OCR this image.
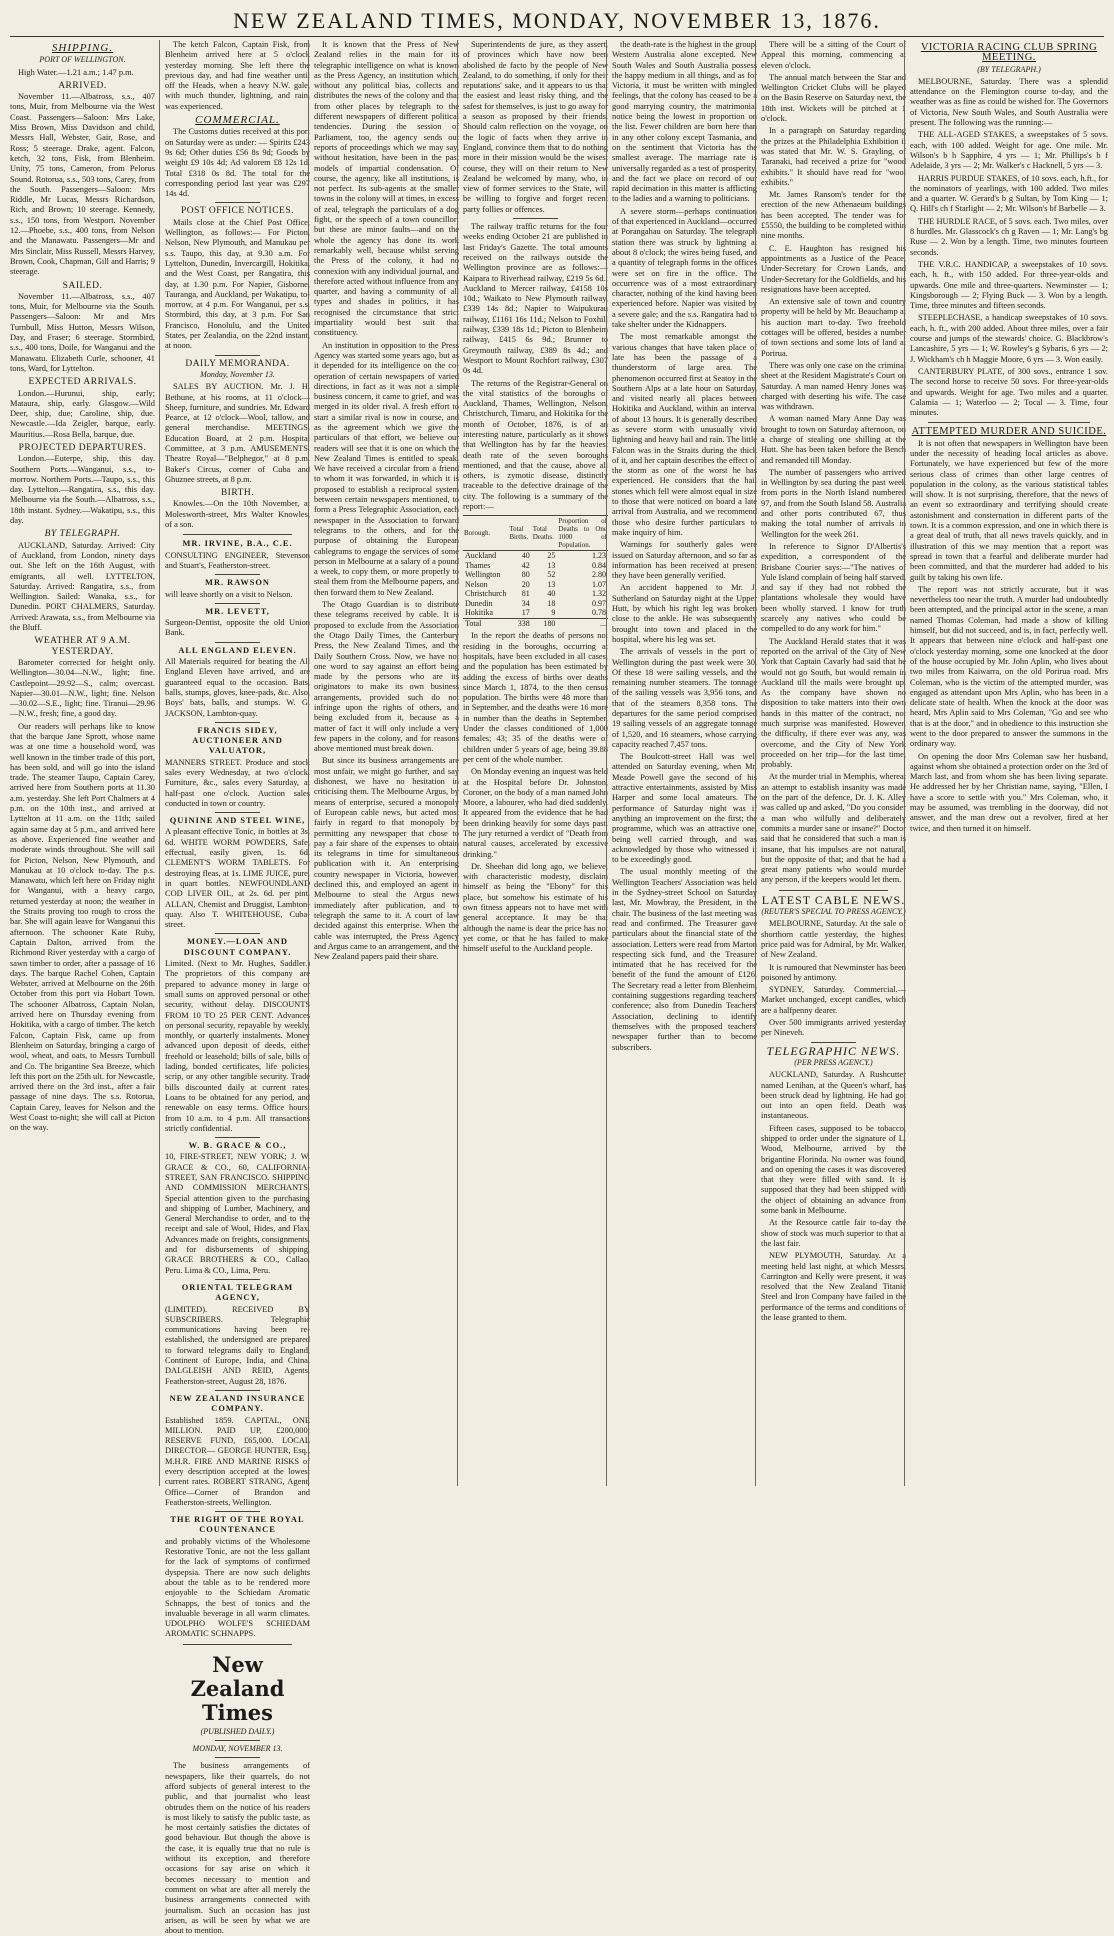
NEW ZEALAND TIMES, MONDAY, NOVEMBER 13, 1876.
SHIPPING.
PORT OF WELLINGTON.

High Water.—1.21 a.m.; 1.47 p.m.

ARRIVED.

November 11.—Albatross, s.s., 407 tons, Muir, from Melbourne via the West Coast. Passengers—Saloon: Mrs Lake, Miss Brown, Miss Davidson and child, Messrs Hall, Webster, Gair, Rose, and Ross; 5 steerage. Drake, agent. Falcon, ketch, 32 tons, Fisk, from Blenheim. Unity, 75 tons, Cameron, from Pelorus Sound. Rotorua, s.s., 503 tons, Carey, from the South. Passengers—Saloon: Mrs Riddle, Mr Lucas, Messrs Richardson, Rich, and Brown; 10 steerage. Kennedy, s.s., 150 tons, from Westport. November 12.—Phoebe, s.s., 400 tons, from Nelson and the Manawatu. Passengers—Mr and Mrs Sinclair, Miss Russell, Messrs Harvey, Brown, Cook, Chapman, Gill and Harris; 9 steerage.

SAILED.

November 11.—Albatross, s.s., 407 tons, Muir, for Melbourne via the South. Passengers—Saloon: Mr and Mrs Turnbull, Miss Hutton, Messrs Wilson, Day, and Fraser; 6 steerage. Stormbird, s.s., 400 tons, Doile, for Wanganui and the Manawatu. Elizabeth Curle, schooner, 41 tons, Ward, for Lyttelton.

EXPECTED ARRIVALS.

London.—Hurunui, ship, early; Mataura, ship, early. Glasgow.—Wild Deer, ship, due; Caroline, ship, due. Newcastle.—Ida Zeigler, barque, early. Mauritius.—Rosa Bella, barque, due.

PROJECTED DEPARTURES.

London.—Euterpe, ship, this day. Southern Ports.—Wanganui, s.s., to-morrow. Northern Ports.—Taupo, s.s., this day. Lyttelton.—Rangatira, s.s., this day. Melbourne via the South.—Albatross, s.s., 18th instant. Sydney.—Wakatipu, s.s., this day.

BY TELEGRAPH.

AUCKLAND, Saturday. Arrived: City of Auckland, from London, ninety days out. She left on the 16th August, with emigrants, all well. LYTTELTON, Saturday. Arrived: Rangatira, s.s., from Wellington. Sailed: Wanaka, s.s., for Dunedin. PORT CHALMERS, Saturday. Arrived: Arawata, s.s., from Melbourne via the Bluff.

WEATHER AT 9 A.M. YESTERDAY.

Barometer corrected for height only. Wellington—30.04—N.W., light; fine. Castlepoint—29.92—S., calm; overcast. Napier—30.01—N.W., light; fine. Nelson—30.02—S.E., light; fine. Tiranui—29.96—N.W., fresh; fine, a good day.

Our readers will perhaps like to know that the barque Jane Sprott, whose name was at one time a household word, was well known in the timber trade of this port, has been sold, and will go into the island trade. The steamer Taupo, Captain Carey, arrived here from Southern ports at 11.30 a.m. yesterday. She left Port Chalmers at 4 p.m. on the 10th inst., and arrived at Lyttelton at 11 a.m. on the 11th; sailed again same day at 5 p.m., and arrived here as above. Experienced fine weather and moderate winds throughout. She will sail for Picton, Nelson, New Plymouth, and Manukau at 10 o'clock to-day. The p.s. Manawatu, which left here on Friday night for Wanganui, with a heavy cargo, returned yesterday at noon; the weather in the Straits proving too rough to cross the bar. She will again leave for Wanganui this afternoon. The schooner Kate Ruby, Captain Dalton, arrived from the Richmond River yesterday with a cargo of sawn timber to order, after a passage of 16 days. The barque Rachel Cohen, Captain Webster, arrived at Melbourne on the 26th October from this port via Hobart Town. The schooner Albatross, Captain Nolan, arrived here on Thursday evening from Hokitika, with a cargo of timber. The ketch Falcon, Captain Fisk, came up from Blenheim on Saturday, bringing a cargo of wool, wheat, and oats, to Messrs Turnbull and Co. The brigantine Sea Breeze, which left this port on the 25th ult. for Newcastle, arrived there on the 3rd inst., after a fair passage of nine days. The s.s. Rotorua, Captain Carey, leaves for Nelson and the West Coast to-night; she will call at Picton on the way.

The ketch Falcon, Captain Fisk, from Blenheim arrived here at 5 o'clock yesterday morning. She left there the previous day, and had fine weather until off the Heads, when a heavy N.W. gale, with much thunder, lightning, and rain, was experienced.

COMMERCIAL.

The Customs duties received at this port on Saturday were as under: — Spirits £243 9s 6d; Other duties £56 8s 9d; Goods by weight £9 10s 4d; Ad valorem £8 12s 1d. Total £318 0s 8d. The total for the corresponding period last year was £297 14s 4d.

POST OFFICE NOTICES.

Mails close at the Chief Post Office, Wellington, as follows:— For Picton, Nelson, New Plymouth, and Manukau per s.s. Taupo, this day, at 9.30 a.m. For Lyttelton, Dunedin, Invercargill, Hokitika, and the West Coast, per Rangatira, this day, at 1.30 p.m. For Napier, Gisborne, Tauranga, and Auckland, per Wakatipu, to-morrow, at 4 p.m. For Wanganui, per s.s. Stormbird, this day, at 3 p.m. For San Francisco, Honolulu, and the United States, per Zealandia, on the 22nd instant, at noon.

DAILY MEMORANDA.
Monday, November 13.

SALES BY AUCTION. Mr. J. H. Bethune, at his rooms, at 11 o'clock—Sheep, furniture, and sundries. Mr. Edward Pearce, at 12 o'clock—Wool, tallow, and general merchandise. MEETINGS. Education Board, at 2 p.m. Hospital Committee, at 3 p.m. AMUSEMENTS. Theatre Royal—"Belphegor," at 8 p.m. Baker's Circus, corner of Cuba and Ghuznee streets, at 8 p.m.

BIRTH.

Knowles.—On the 10th November, at Molesworth-street, Mrs Walter Knowles, of a son.

MR. IRVINE, B.A., C.E.

CONSULTING ENGINEER, Stevenson and Stuart's, Featherston-street.

MR. RAWSON

will leave shortly on a visit to Nelson.

MR. LEVETT,

Surgeon-Dentist, opposite the old Union Bank.

ALL ENGLAND ELEVEN.

All Materials required for beating the All England Eleven have arrived, and are guaranteed equal to the occasion. Bats, balls, stumps, gloves, knee-pads, &c. Also, Boys' bats, balls, and stumps. W. G. JACKSON, Lambton-quay.

FRANCIS SIDEY, AUCTIONEER AND VALUATOR,

MANNERS STREET. Produce and stock sales every Wednesday, at two o'clock. Furniture, &c., sales every Saturday, at half-past one o'clock. Auction sales conducted in town or country.

QUININE AND STEEL WINE,

A pleasant effective Tonic, in bottles at 3s. 6d. WHITE WORM POWDERS, Safe, effectual, easily given, 1s. 6d. CLEMENT'S WORM TABLETS. For destroying fleas, at 1s. LIME JUICE, pure, in quart bottles. NEWFOUNDLAND COD LIVER OIL, at 2s. 6d. per pint. ALLAN, Chemist and Druggist, Lambton-quay. Also T. WHITEHOUSE, Cuba-street.

MONEY.—LOAN AND DISCOUNT COMPANY.

Limited. (Next to Mr. Hughes, Saddler.) The proprietors of this company are prepared to advance money in large or small sums on approved personal or other security, without delay. DISCOUNTS FROM 10 TO 25 PER CENT. Advances on personal security, repayable by weekly, monthly, or quarterly instalments. Money advanced upon deposit of deeds, either freehold or leasehold; bills of sale, bills of lading, bonded certificates, life policies, scrip, or any other tangible security. Trade bills discounted daily at current rates. Loans to be obtained for any period, and renewable on easy terms. Office hours: from 10 a.m. to 4 p.m. All transactions strictly confidential.

W. B. GRACE & CO.,

10, FIRE-STREET, NEW YORK; J. W. GRACE & CO., 60, CALIFORNIA-STREET, SAN FRANCISCO. SHIPPING AND COMMISSION MERCHANTS. Special attention given to the purchasing and shipping of Lumber, Machinery, and General Merchandise to order, and to the receipt and sale of Wool, Hides, and Flax. Advances made on freights, consignments, and for disbursements of shipping. GRACE BROTHERS & CO., Callao, Peru. Lima & CO., Lima, Peru.

ORIENTAL TELEGRAM AGENCY,

(LIMITED). RECEIVED BY SUBSCRIBERS. Telegraphic communications having been re-established, the undersigned are prepared to forward telegrams daily to England, Continent of Europe, India, and China. DALGLEISH AND REID, Agents. Featherston-street, August 28, 1876.

NEW ZEALAND INSURANCE COMPANY.

Established 1859. CAPITAL, ONE MILLION. PAID UP, £200,000; RESERVE FUND, £65,000. LOCAL DIRECTOR— GEORGE HUNTER, Esq., M.H.R. FIRE AND MARINE RISKS of every description accepted at the lowest current rates. ROBERT STRANG, Agent. Office—Corner of Brandon and Featherston-streets, Wellington.

THE RIGHT OF THE ROYAL COUNTENANCE

and probably victims of the Wholesome Restorative Tonic, are not the less gallant for the lack of symptoms of confirmed dyspepsia. There are now such delights about the table as to be rendered more enjoyable to the Schiedam Aromatic Schnapps, the best of tonics and the invaluable beverage in all warm climates. UDOLPHO WOLFE'S SCHIEDAM AROMATIC SCHNAPPS.

New Zealand Times
(PUBLISHED DAILY.)
MONDAY, NOVEMBER 13.

The business arrangements of newspapers, like their quarrels, do not afford subjects of general interest to the public, and that journalist who least obtrudes them on the notice of his readers is most likely to satisfy the public taste, as he most certainly satisfies the dictates of good behaviour. But though the above is the case, it is equally true that no rule is without its exception, and therefore occasions for say arise on which it becomes necessary to mention and comment on what are after all merely the business arrangements connected with journalism. Such an occasion has just arisen, as will be seen by what we are about to mention.

It is known that the Press of New Zealand relies in the main for its telegraphic intelligence on what is known as the Press Agency, an institution which, without any political bias, collects and distributes the news of the colony and that from other places by telegraph to the different newspapers of different political tendencies. During the session of Parliament, too, the agency sends out reports of proceedings which we may say, without hesitation, have been in the past models of impartial condensation. Of course, the agency, like all institutions, is not perfect. Its sub-agents at the smaller towns in the colony will at times, in excess of zeal, telegraph the particulars of a dog fight, or the speech of a town councillor; but these are minor faults—and on the whole the agency has done its work remarkably well, because whilst serving the Press of the colony, it had no connexion with any individual journal, and therefore acted without influence from any quarter, and having a community of all types and shades in politics, it has recognised the circumstance that strict impartiality would best suit that constituency.

An institution in opposition to the Press Agency was started some years ago, but as it depended for its intelligence on the co-operation of certain newspapers of varied directions, in fact as it was not a simple business concern, it came to grief, and was merged in its older rival. A fresh effort to start a similar rival is now in course, and as the agreement which we give the particulars of that effort, we believe our readers will see that it is one on which the New Zealand Times is entitled to speak. We have received a circular from a friend to whom it was forwarded, in which it is proposed to establish a reciprocal system between certain newspapers mentioned, to form a Press Telegraphic Association, each newspaper in the Association to forward telegrams to the others, and for the purpose of obtaining the European cablegrams to engage the services of some person in Melbourne at a salary of a pound a week, to copy them, or more properly to steal them from the Melbourne papers, and then forward them to New Zealand.

The Otago Guardian is to distribute these telegrams received by cable. It is proposed to exclude from the Association the Otago Daily Times, the Canterbury Press, the New Zealand Times, and the Daily Southern Cross. Now, we have not one word to say against an effort being made by the persons who are its originators to make its own business arrangements, provided such do not infringe upon the rights of others, and being excluded from it, because as a matter of fact it will only include a very few papers in the colony, and for reasons above mentioned must break down.

But since its business arrangements are most unfair, we might go further, and say dishonest, we have no hesitation in criticising them. The Melbourne Argus, by means of enterprise, secured a monopoly of European cable news, but acted most fairly in regard to that monopoly by permitting any newspaper that chose to pay a fair share of the expenses to obtain its telegrams in time for simultaneous publication with it. An enterprising country newspaper in Victoria, however, declined this, and employed an agent in Melbourne to steal the Argus news immediately after publication, and to telegraph the same to it. A court of law decided against this enterprise. When the cable was interrupted, the Press Agency and Argus came to an arrangement, and the New Zealand papers paid their share.

Superintendents de jure, as they assert, of provinces which have now been abolished de facto by the people of New Zealand, to do something, if only for their reputations' sake, and it appears to us that the easiest and least risky thing, and the safest for themselves, is just to go away for a season as proposed by their friends. Should calm reflection on the voyage, on the logic of facts when they arrive in England, convince them that to do nothing more in their mission would be the wisest course, they will on their return to New Zealand be welcomed by many, who, in view of former services to the State, will be willing to forgive and forget recent party follies or offences.

The railway traffic returns for the four weeks ending October 21 are published in last Friday's Gazette. The total amounts received on the railways outside the Wellington province are as follows:—Kaipara to Riverhead railway, £219 5s 6d.; Auckland to Mercer railway, £4158 10s 10d.; Waikato to New Plymouth railway, £339 14s 8d.; Napier to Waipukurau railway, £1161 16s 11d.; Nelson to Foxhill railway, £339 18s 1d.; Picton to Blenheim railway, £415 6s 9d.; Brunner to Greymouth railway, £389 8s 4d.; and Westport to Mount Rochfort railway, £307 0s 4d.

The returns of the Registrar-General on the vital statistics of the boroughs of Auckland, Thames, Wellington, Nelson, Christchurch, Timaru, and Hokitika for the month of October, 1876, is of an interesting nature, particularly as it shows that Wellington has by far the heaviest death rate of the seven boroughs mentioned, and that the cause, above all others, is zymotic disease, distinctly traceable to the defective drainage of the city. The following is a summary of the report:—

Borough.	Total Births.	Total Deaths.	Proportion of Deaths to One 1000 of Population.
Auckland	40	25	1.23
Thames	42	13	0.84
Wellington	80	52	2.80
Nelson	20	13	1.07
Christchurch	81	40	1.32
Dunedin	34	18	0.97
Hokitika	17	9	0.78
Total	338	180	...

In the report the deaths of persons not residing in the boroughs, occurring at hospitals, have been excluded in all cases, and the population has been estimated by adding the excess of births over deaths since March 1, 1874, to the then census population. The births were 48 more than in September, and the deaths were 16 more in number than the deaths in September. Under the classes conditioned of 1,000 females; 43; 35 of the deaths were of children under 5 years of age, being 39.88 per cent of the whole number.

On Monday evening an inquest was held at the Hospital before Dr. Johnston, Coroner, on the body of a man named John Moore, a labourer, who had died suddenly. It appeared from the evidence that he had been drinking heavily for some days past. The jury returned a verdict of "Death from natural causes, accelerated by excessive drinking."

Dr. Sheehan did long ago, we believe, with characteristic modesty, disclaim himself as being the "Ebony" for this place, but somehow his estimate of his own fitness appears not to have met with general acceptance. It may be that although the name is dear the price has not yet come, or that he has failed to make himself useful to the Auckland people.

the death-rate is the highest in the group. Western Australia alone excepted. New South Wales and South Australia possess the happy medium in all things, and as for Victoria, it must be written with mingled feelings, that the colony has ceased to be a good marrying country, the matrimonial notice being the lowest in proportion on the list. Fewer children are born here than in any other colony except Tasmania, and on the sentiment that Victoria has the smallest average. The marriage rate is universally regarded as a test of prosperity, and the fact we place on record of our rapid decimation in this matter is afflicting to the ladies and a warning to politicians.

A severe storm—perhaps continuation of that experienced in Auckland—occurred at Porangahau on Saturday. The telegraph station there was struck by lightning at about 8 o'clock; the wires being fused, and a quantity of telegraph forms in the offices were set on fire in the office. The occurrence was of a most extraordinary character, nothing of the kind having been experienced before. Napier was visited by a severe gale; and the s.s. Rangatira had to take shelter under the Kidnappers.

The most remarkable amongst the various changes that have taken place of late has been the passage of a thunderstorm of large area. The phenomenon occurred first at Seatoy in the Southern Alps at a late hour on Saturday, and visited nearly all places between Hokitika and Auckland, within an interval of about 13 hours. It is generally described as severe storm with unusually vivid lightning and heavy hail and rain. The little Falcon was in the Straits during the thick of it, and her captain describes the effect of the storm as one of the worst he has experienced. He considers that the hail stones which fell were almost equal in size to those that were noticed on board a late arrival from Australia, and we recommend those who desire further particulars to make inquiry of him.

Warnings for southerly gales were issued on Saturday afternoon, and so far as information has been received at present they have been generally verified.

An accident happened to Mr. J. Sutherland on Saturday night at the Upper Hutt, by which his right leg was broken close to the ankle. He was subsequently brought into town and placed in the hospital, where his leg was set.

The arrivals of vessels in the port of Wellington during the past week were 30. Of these 18 were sailing vessels, and the remaining number steamers. The tonnage of the sailing vessels was 3,956 tons, and that of the steamers 8,358 tons. The departures for the same period comprised 19 sailing vessels of an aggregate tonnage of 1,520, and 16 steamers, whose carrying capacity reached 7,457 tons.

The Boulcott-street Hall was well attended on Saturday evening, when Mr. Meade Powell gave the second of his attractive entertainments, assisted by Miss Harper and some local amateurs. The performance of Saturday night was if anything an improvement on the first; the programme, which was an attractive one, being well carried through, and was acknowledged by those who witnessed it to be exceedingly good.

The usual monthly meeting of the Wellington Teachers' Association was held in the Sydney-street School on Saturday last, Mr. Mowbray, the President, in the chair. The business of the last meeting was read and confirmed. The Treasurer gave particulars about the financial state of the association. Letters were read from Marton respecting sick fund, and the Treasurer intimated that he has received for the benefit of the fund the amount of £126. The Secretary read a letter from Blenheim, containing suggestions regarding teachers' conference; also from Dunedin Teachers' Association, declining to identify themselves with the proposed teachers' newspaper further than to become subscribers.

There will be a sitting of the Court of Appeal this morning, commencing at eleven o'clock.

The annual match between the Star and Wellington Cricket Clubs will be played on the Basin Reserve on Saturday next, the 18th inst. Wickets will be pitched at 1 o'clock.

In a paragraph on Saturday regarding the prizes at the Philadelphia Exhibition it was stated that Mr. W. S. Grayling, of Taranaki, had received a prize for "wood exhibits." It should have read for "wool exhibits."

Mr. James Ransom's tender for the erection of the new Athenaeum buildings has been accepted. The tender was for £5550, the building to be completed within nine months.

C. E. Haughton has resigned his appointments as a Justice of the Peace, Under-Secretary for Crown Lands, and Under-Secretary for the Goldfields, and his resignations have been accepted.

An extensive sale of town and country property will be held by Mr. Beauchamp at his auction mart to-day. Two freehold cottages will be offered, besides a number of town sections and some lots of land at Porirua.

There was only one case on the criminal sheet at the Resident Magistrate's Court on Saturday. A man named Henry Jones was charged with deserting his wife. The case was withdrawn.

A woman named Mary Anne Day was brought to town on Saturday afternoon, on a charge of stealing one shilling at the Hutt. She has been taken before the Bench and remanded till Monday.

The number of passengers who arrived in Wellington by sea during the past week from ports in the North Island numbered 97, and from the South Island 58. Australia and other ports contributed 67, thus making the total number of arrivals in Wellington for the week 261.

In reference to Signor D'Albertis's expedition, a correspondent of the Brisbane Courier says:—"The natives of Yule Island complain of being half starved, and say if they had not robbed the plantations wholesale they would have been wholly starved. I know for truth scarcely any natives who could be compelled to do any work for him."

The Auckland Herald states that it was reported on the arrival of the City of New York that Captain Cavarly had said that he would not go South, but would remain in Auckland till the mails were brought up. As the company have shown no disposition to take matters into their own hands in this matter of the contract, not much surprise was manifested. However, the difficulty, if there ever was any, was overcome, and the City of New York proceeded on her trip—for the last time, probably.

At the murder trial in Memphis, whereat an attempt to establish insanity was made on the part of the defence, Dr. J. K. Alley was called up and asked, "Do you consider a man who wilfully and deliberately commits a murder sane or insane?" Doctor said that he considered that such a man is insane, that his impulses are not natural, but the opposite of that; and that he had a great many patients who would murder any person, if the keepers would let them.

LATEST CABLE NEWS.
(REUTER'S SPECIAL TO PRESS AGENCY.)

MELBOURNE, Saturday. At the sale of shorthorn cattle yesterday, the highest price paid was for Admiral, by Mr. Walker, of New Zealand.

It is rumoured that Newminster has been poisoned by antimony.

SYDNEY, Saturday. Commercial.—Market unchanged, except candles, which are a halfpenny dearer.

Over 500 immigrants arrived yesterday per Nineveh.

TELEGRAPHIC NEWS.
(PER PRESS AGENCY.)

AUCKLAND, Saturday. A Rushcutter named Lenihan, at the Queen's wharf, has been struck dead by lightning. He had got out into an open field. Death was instantaneous.

Fifteen cases, supposed to be tobacco, shipped to order under the signature of L. Wood, Melbourne, arrived by the brigantine Florinda. No owner was found, and on opening the cases it was discovered that they were filled with sand. It is supposed that they had been shipped with the object of obtaining an advance from some bank in Melbourne.

At the Resource cattle fair to-day the show of stock was much superior to that at the last fair.

NEW PLYMOUTH, Saturday. At a meeting held last night, at which Messrs. Carrington and Kelly were present, it was resolved that the New Zealand Titanic Steel and Iron Company have failed in the performance of the terms and conditions of the lease granted to them.

VICTORIA RACING CLUB SPRING MEETING.
(BY TELEGRAPH.)

MELBOURNE, Saturday. There was a splendid attendance on the Flemington course to-day, and the weather was as fine as could be wished for. The Governors of Victoria, New South Wales, and South Australia were present. The following was the running:—

THE ALL-AGED STAKES, a sweepstakes of 5 sovs. each, with 100 added. Weight for age. One mile. Mr. Wilson's b h Sapphire, 4 yrs — 1; Mr. Phillips's b f Adelaide, 3 yrs — 2; Mr. Walker's c Hacknell, 5 yrs — 3.

HARRIS PURDUE STAKES, of 10 sovs. each, h.ft., for the nominators of yearlings, with 100 added. Two miles and a quarter. W. Gerard's b g Sultan, by Tom King — 1; Q. Hill's ch f Starlight — 2; Mr. Wilson's bf Barbelle — 3.

THE HURDLE RACE, of 5 sovs. each. Two miles, over 8 hurdles. Mr. Glasscock's ch g Raven — 1; Mr. Lang's bg Ruse — 2. Won by a length. Time, two minutes fourteen seconds.

THE V.R.C. HANDICAP, a sweepstakes of 10 sovs. each, h. ft., with 150 added. For three-year-olds and upwards. One mile and three-quarters. Newminster — 1; Kingsborough — 2; Flying Buck — 3. Won by a length. Time, three minutes and fifteen seconds.

STEEPLECHASE, a handicap sweepstakes of 10 sovs. each, h. ft., with 200 added. About three miles, over a fair course and jumps of the stewards' choice. G. Blackbrow's Lancashire, 5 yrs — 1; W. Rowley's g Sybaris, 6 yrs — 2; J. Wickham's ch h Maggie Moore, 6 yrs — 3. Won easily.

CANTERBURY PLATE, of 300 sovs., entrance 1 sov. The second horse to receive 50 sovs. For three-year-olds and upwards. Weight for age. Two miles and a quarter. Calamia — 1; Waterloo — 2; Tocal — 3. Time, four minutes.

ATTEMPTED MURDER AND SUICIDE.

It is not often that newspapers in Wellington have been under the necessity of heading local articles as above. Fortunately, we have experienced but few of the more serious class of crimes than other large centres of population in the colony, as the various statistical tables will show. It is not surprising, therefore, that the news of an event so extraordinary and terrifying should create astonishment and consternation in different parts of the town. It is a common expression, and one in which there is a great deal of truth, that all news travels quickly, and in illustration of this we may mention that a report was spread in town that a fearful and deliberate murder had been committed, and that the murderer had added to his guilt by taking his own life.

The report was not strictly accurate, but it was nevertheless too near the truth. A murder had undoubtedly been attempted, and the principal actor in the scene, a man named Thomas Coleman, had made a show of killing himself, but did not succeed, and is, in fact, perfectly well. It appears that between nine o'clock and half-past one o'clock yesterday morning, some one knocked at the door of the house occupied by Mr. John Aplin, who lives about two miles from Kaiwarra, on the old Porirua road. Mrs Coleman, who is the victim of the attempted murder, was engaged as attendant upon Mrs Aplin, who has been in a delicate state of health. When the knock at the door was heard, Mrs Aplin said to Mrs Coleman, "Go and see who that is at the door," and in obedience to this instruction she went to the door prepared to answer the summons in the ordinary way.

On opening the door Mrs Coleman saw her husband, against whom she obtained a protection order on the 3rd of March last, and from whom she has been living separate. He addressed her by her Christian name, saying, "Ellen, I have a score to settle with you." Mrs Coleman, who, it may be assumed, was trembling in the doorway, did not answer, and the man drew out a revolver, fired at her twice, and then turned it on himself.
